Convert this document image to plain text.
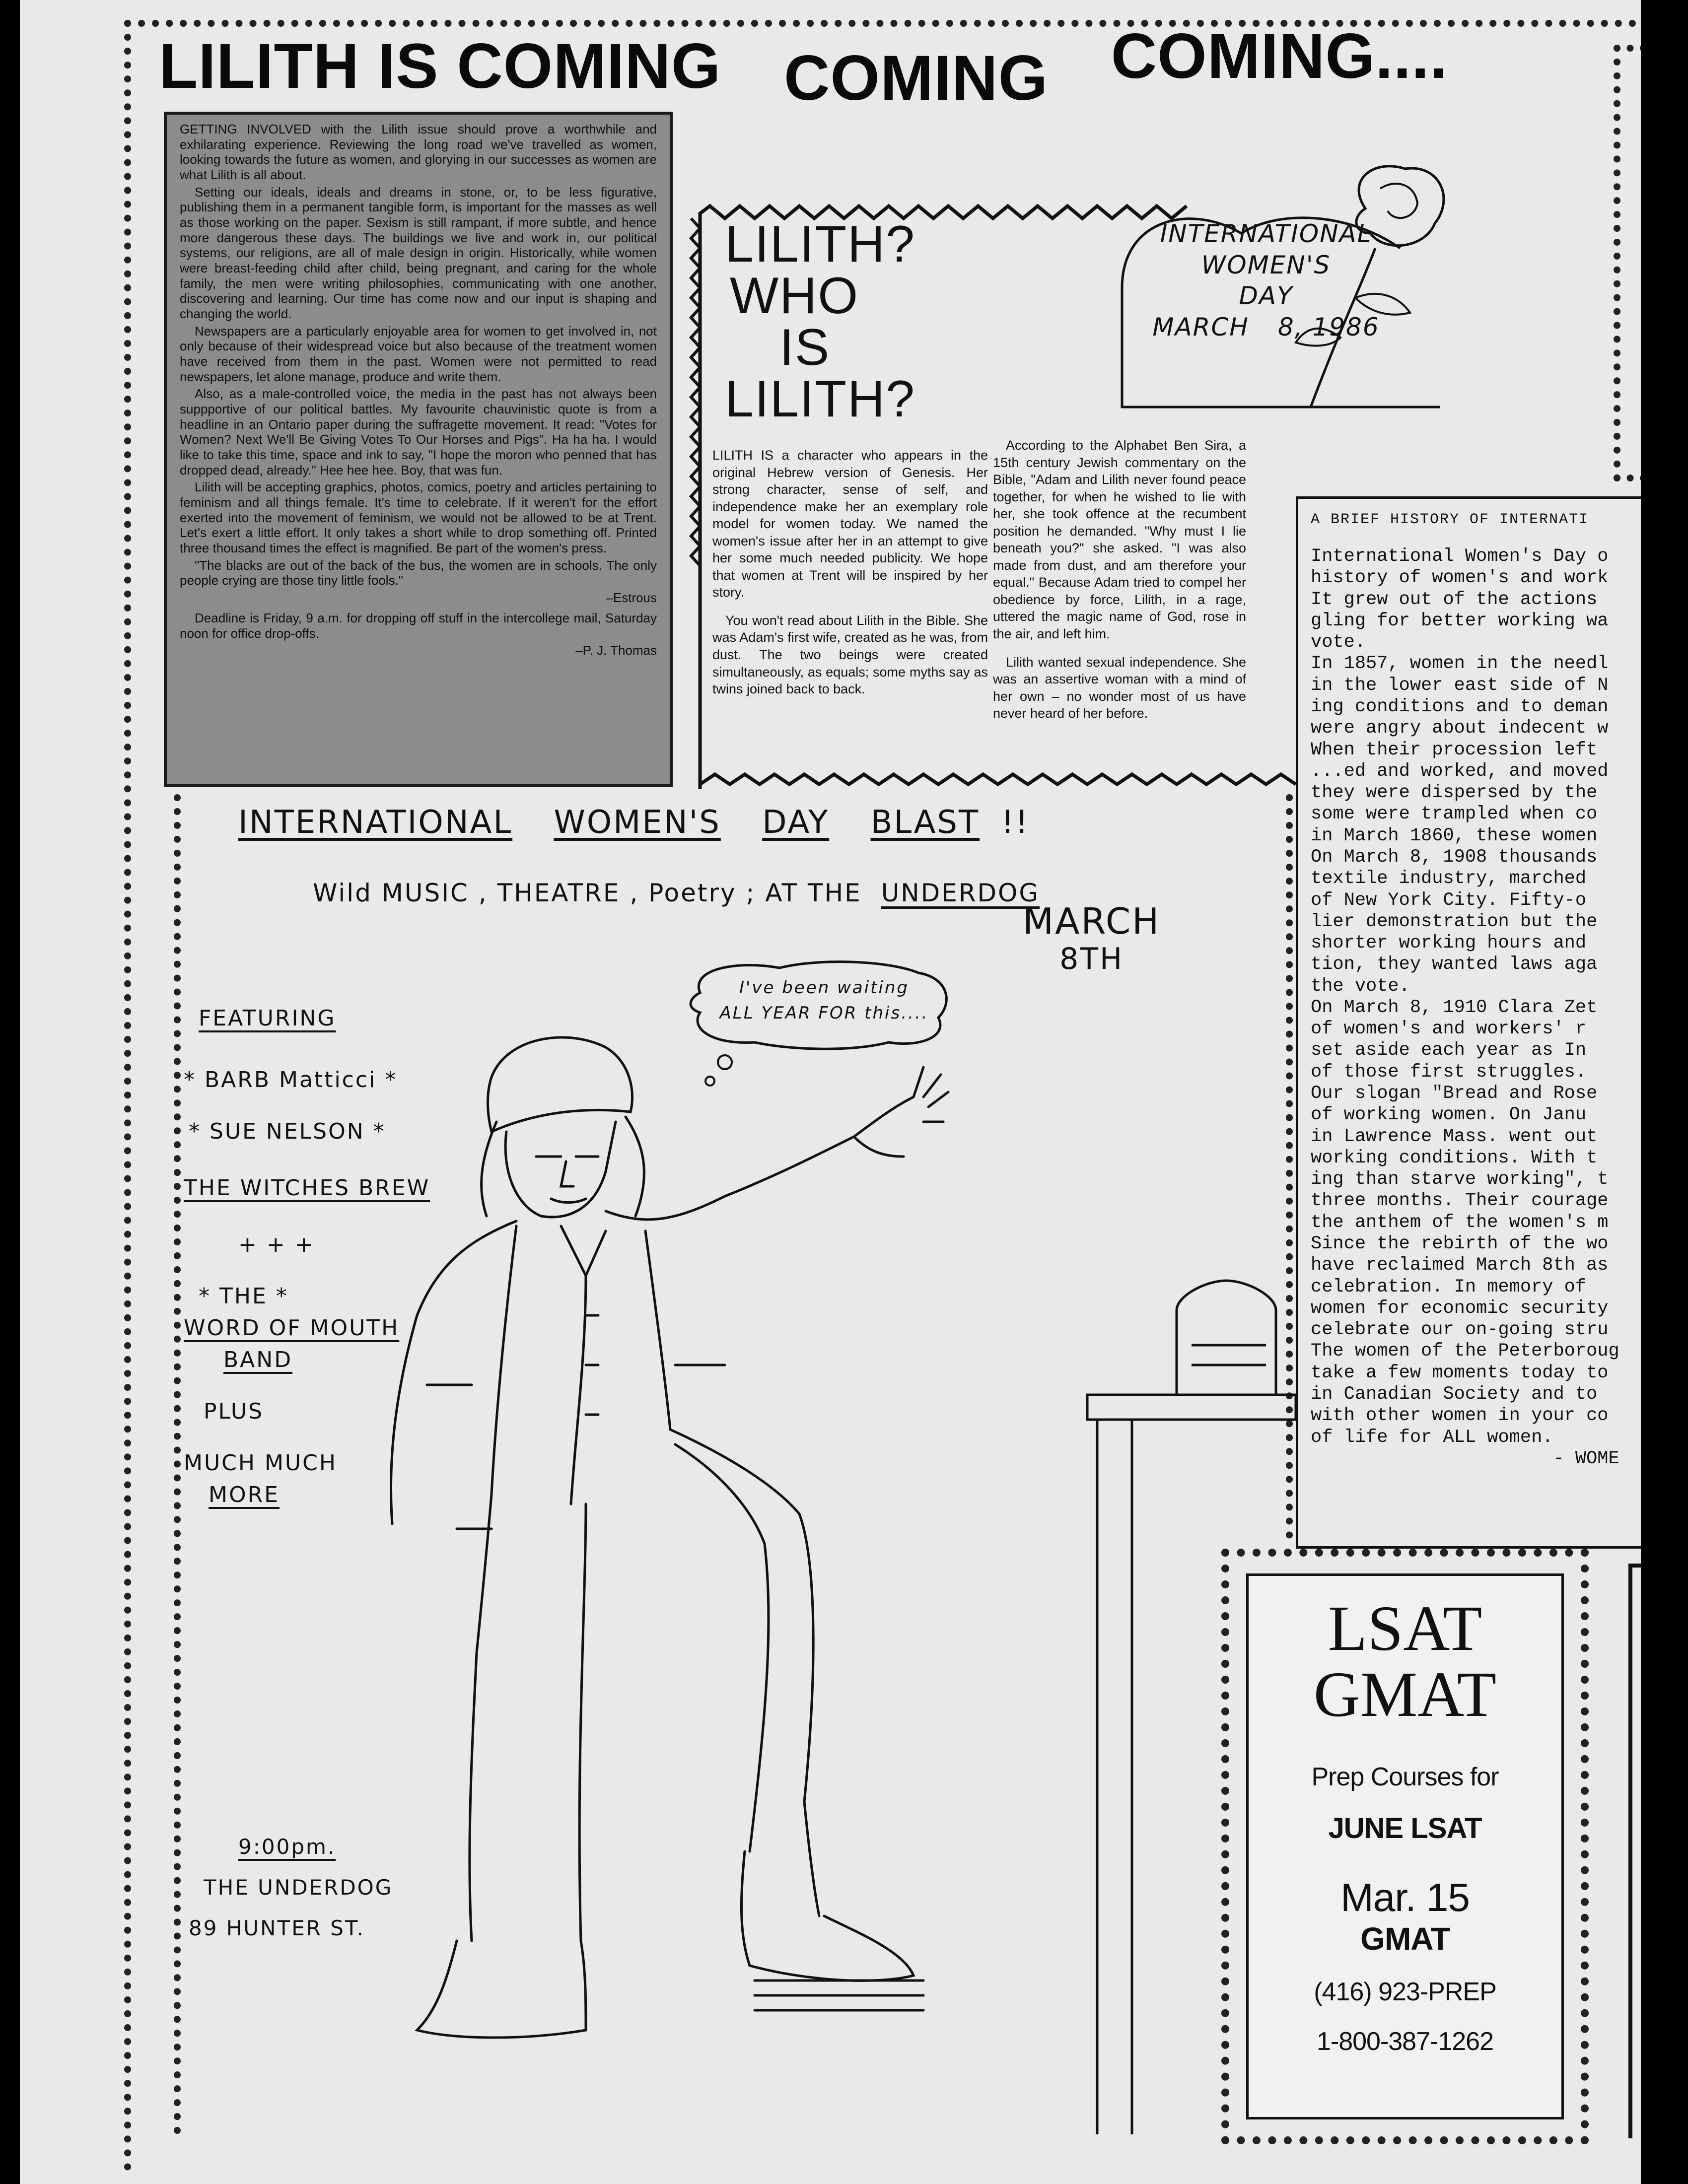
LILITH IS COMING COMING COMING....

GETTING INVOLVED with the Lilith issue should prove a worthwhile and exhilarating experience. Reviewing the long road we've travelled as women, looking towards the future as women, and glorying in our successes as women are what Lilith is all about.

Setting our ideals, ideals and dreams in stone, or, to be less figurative, publishing them in a permanent tangible form, is important for the masses as well as those working on the paper. Sexism is still rampant, if more subtle, and hence more dangerous these days. The buildings we live and work in, our political systems, our religions, are all of male design in origin. Historically, while women were breast-feeding child after child, being pregnant, and caring for the whole family, the men were writing philosophies, communicating with one another, discovering and learning. Our time has come now and our input is shaping and changing the world.

Newspapers are a particularly enjoyable area for women to get involved in, not only because of their widespread voice but also because of the treatment women have received from them in the past. Women were not permitted to read newspapers, let alone manage, produce and write them.

Also, as a male-controlled voice, the media in the past has not always been suppportive of our political battles. My favourite chauvinistic quote is from a headline in an Ontario paper during the suffragette movement. It read: "Votes for Women? Next We'll Be Giving Votes To Our Horses and Pigs". Ha ha ha. I would like to take this time, space and ink to say, "I hope the moron who penned that has dropped dead, already." Hee hee hee. Boy, that was fun.

Lilith will be accepting graphics, photos, comics, poetry and articles pertaining to feminism and all things female. It's time to celebrate. If it weren't for the effort exerted into the movement of feminism, we would not be allowed to be at Trent. Let's exert a little effort. It only takes a short while to drop something off. Printed three thousand times the effect is magnified. Be part of the women's press.

"The blacks are out of the back of the bus, the women are in schools. The only people crying are those tiny little fools."

–Estrous

Deadline is Friday, 9 a.m. for dropping off stuff in the intercollege mail, Saturday noon for office drop-offs.

–P. J. Thomas

LILITH?
WHO
IS
LILITH?

LILITH IS a character who appears in the original Hebrew version of Genesis. Her strong character, sense of self, and independence make her an exemplary role model for women today. We named the women's issue after her in an attempt to give her some much needed publicity. We hope that women at Trent will be inspired by her story.

You won't read about Lilith in the Bible. She was Adam's first wife, created as he was, from dust. The two beings were created simultaneously, as equals; some myths say as twins joined back to back.

According to the Alphabet Ben Sira, a 15th century Jewish commentary on the Bible, "Adam and Lilith never found peace together, for when he wished to lie with her, she took offence at the recumbent position he demanded. "Why must I lie beneath you?" she asked. "I was also made from dust, and am therefore your equal." Because Adam tried to compel her obedience by force, Lilith, in a rage, uttered the magic name of God, rose in the air, and left him.

Lilith wanted sexual independence. She was an assertive woman with a mind of her own – no wonder most of us have never heard of her before.

INTERNATIONAL
WOMEN'S
DAY
MARCH 8, 1986
A BRIEF HISTORY OF INTERNATI
International Women's Day o
history of women's and work
It grew out of the actions
gling for better working wa
vote.
In 1857, women in the needl
in the lower east side of N
ing conditions and to deman
were angry about indecent w
When their procession left
...ed and worked, and moved
they were dispersed by the
some were trampled when co
in March 1860, these women
On March 8, 1908 thousands
textile industry, marched
of New York City. Fifty-o
lier demonstration but the
shorter working hours and
tion, they wanted laws aga
the vote.
On March 8, 1910 Clara Zet
of women's and workers' r
set aside each year as In
of those first struggles.
Our slogan "Bread and Rose
of working women. On Janu
in Lawrence Mass. went out
working conditions. With t
ing than starve working", t
three months. Their courage
the anthem of the women's m
Since the rebirth of the wo
have reclaimed March 8th as
celebration. In memory of
women for economic security
celebrate our on-going stru
The women of the Peterboroug
take a few moments today to
in Canadian Society and to
with other women in your co
of life for ALL women.
- WOME
INTERNATIONAL WOMEN'S DAY BLAST !!
Wild MUSIC , THEATRE , Poetry ; AT THE UNDERDOG
MARCH
8TH
I've been waiting
ALL YEAR FOR this....
FEATURING
* BARB Matticci *
* SUE NELSON *
THE WITCHES BREW
+ + +
* THE *
WORD OF MOUTH
BAND
PLUS
MUCH MUCH
MORE
9:00pm.
THE UNDERDOG
89 HUNTER ST.
LSAT
GMAT
Prep Courses for
JUNE LSAT
Mar. 15
GMAT
(416) 923-PREP
1-800-387-1262
